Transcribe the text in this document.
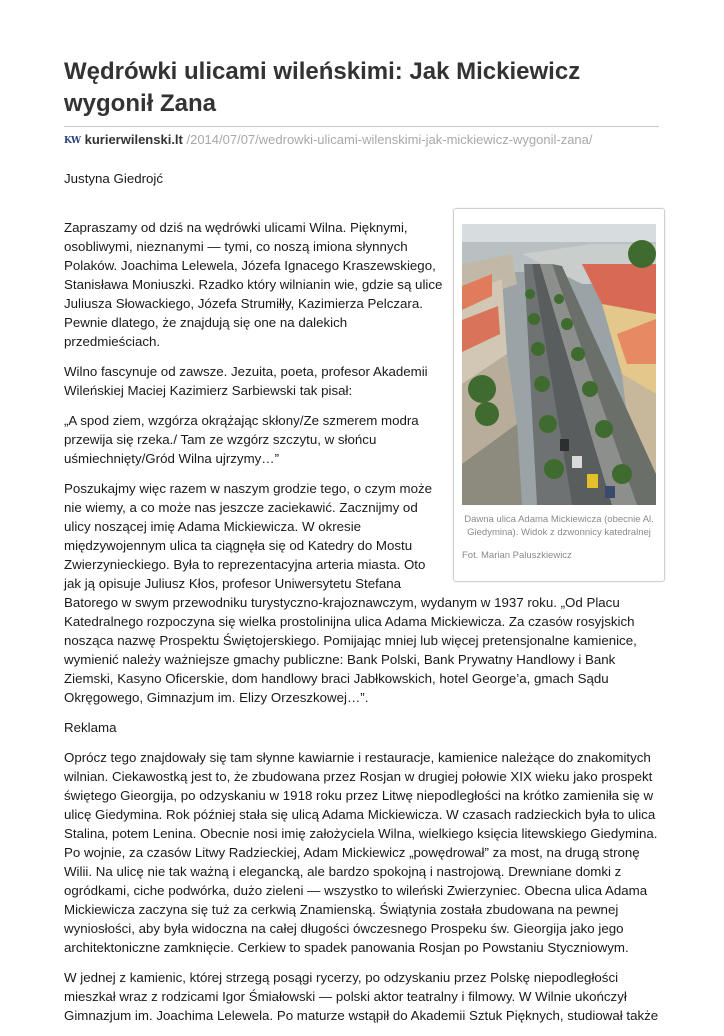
Wędrówki ulicami wileńskimi: Jak Mickiewicz wygonił Zana
KW kurierwilenski.lt /2014/07/07/wedrowki-ulicami-wilenskimi-jak-mickiewicz-wygonil-zana/
Justyna Giedrojć
Dawna ulica Adama Mickiewicza (obecnie Al. Giedymina). Widok z dzwonnicy katedralnej
Fot. Marian Paluszkiewicz

Zapraszamy od dziś na wędrówki ulicami Wilna. Pięknymi, osobliwymi, nieznanymi — tymi, co noszą imiona słynnych Polaków. Joachima Lelewela, Józefa Ignacego Kraszewskiego, Stanisława Moniuszki. Rzadko który wilnianin wie, gdzie są ulice Juliusza Słowackiego, Józefa Strumiłły, Kazimierza Pelczara. Pewnie dlatego, że znajdują się one na dalekich przedmieściach.

Wilno fascynuje od zawsze. Jezuita, poeta, profesor Akademii Wileńskiej Maciej Kazimierz Sarbiewski tak pisał:

„A spod ziem, wzgórza okrążając skłony/Ze szmerem modra przewija się rzeka./ Tam ze wzgórz szczytu, w słońcu uśmiechnięty/Gród Wilna ujrzymy…”

Poszukajmy więc razem w naszym grodzie tego, o czym może nie wiemy, a co może nas jeszcze zaciekawić. Zacznijmy od ulicy noszącej imię Adama Mickiewicza. W okresie międzywojennym ulica ta ciągnęła się od Katedry do Mostu Zwierzynieckiego. Była to reprezentacyjna arteria miasta. Oto jak ją opisuje Juliusz Kłos, profesor Uniwersytetu Stefana Batorego w swym przewodniku turystyczno-krajoznawczym, wydanym w 1937 roku. „Od Placu Katedralnego rozpoczyna się wielka prostolinijna ulica Adama Mickiewicza. Za czasów rosyjskich nosząca nazwę Prospektu Świętojerskiego. Pomijając mniej lub więcej pretensjonalne kamienice, wymienić należy ważniejsze gmachy publiczne: Bank Polski, Bank Prywatny Handlowy i Bank Ziemski, Kasyno Oficerskie, dom handlowy braci Jabłkowskich, hotel George’a, gmach Sądu Okręgowego, Gimnazjum im. Elizy Orzeszkowej…”.

Reklama

Oprócz tego znajdowały się tam słynne kawiarnie i restauracje, kamienice należące do znakomitych wilnian. Ciekawostką jest to, że zbudowana przez Rosjan w drugiej połowie XIX wieku jako prospekt świętego Gieorgija, po odzyskaniu w 1918 roku przez Litwę niepodległości na krótko zamieniła się w ulicę Giedymina. Rok później stała się ulicą Adama Mickiewicza. W czasach radzieckich była to ulica Stalina, potem Lenina. Obecnie nosi imię założyciela Wilna, wielkiego księcia litewskiego Giedymina. Po wojnie, za czasów Litwy Radzieckiej, Adam Mickiewicz „powędrował” za most, na drugą stronę Wilii. Na ulicę nie tak ważną i elegancką, ale bardzo spokojną i nastrojową. Drewniane domki z ogródkami, ciche podwórka, dużo zieleni — wszystko to wileński Zwierzyniec. Obecna ulica Adama Mickiewicza zaczyna się tuż za cerkwią Znamienską. Świątynia została zbudowana na pewnej wyniosłości, aby była widoczna na całej długości ówczesnego Prospeku św. Gieorgija jako jego architektoniczne zamknięcie. Cerkiew to spadek panowania Rosjan po Powstaniu Styczniowym.

W jednej z kamienic, której strzegą posągi rycerzy, po odzyskaniu przez Polskę niepodległości mieszkał wraz z rodzicami Igor Śmiałowski — polski aktor teatralny i filmowy. W Wilnie ukończył Gimnazjum im. Joachima Lelewela. Po maturze wstąpił do Akademii Sztuk Pięknych, studiował także
